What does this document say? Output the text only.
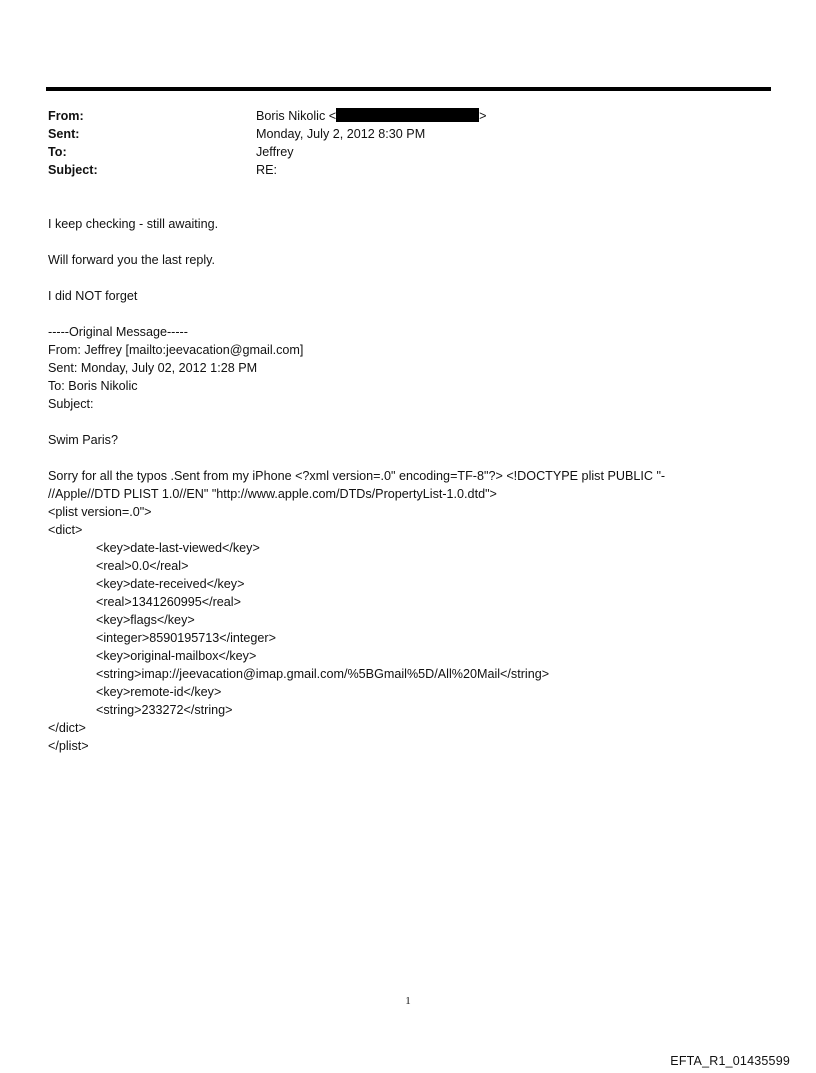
From:	Boris Nikolic <	>
Sent:	Monday, July 2, 2012 8:30 PM
To:	Jeffrey
Subject:	RE:
I keep checking - still awaiting.
Will forward you the last reply.
I did NOT forget
-----Original Message-----
From: Jeffrey [mailto:jeevacation@gmail.com]
Sent: Monday, July 02, 2012 1:28 PM
To: Boris Nikolic
Subject:
Swim Paris?
Sorry for all the typos .Sent from my iPhone <?xml version=.0" encoding=TF-8"?> <!DOCTYPE plist PUBLIC "-
//Apple//DTD PLIST 1.0//EN" "http://www.apple.com/DTDs/PropertyList-1.0.dtd">
<plist version=.0">
<dict>
<key>date-last-viewed</key>
<real>0.0</real>
<key>date-received</key>
<real>1341260995</real>
<key>flags</key>
<integer>8590195713</integer>
<key>original-mailbox</key>
<string>imap://jeevacation@imap.gmail.com/%5BGmail%5D/All%20Mail</string>
<key>remote-id</key>
<string>233272</string>
</dict>
</plist>
1
EFTA_R1_01435599
